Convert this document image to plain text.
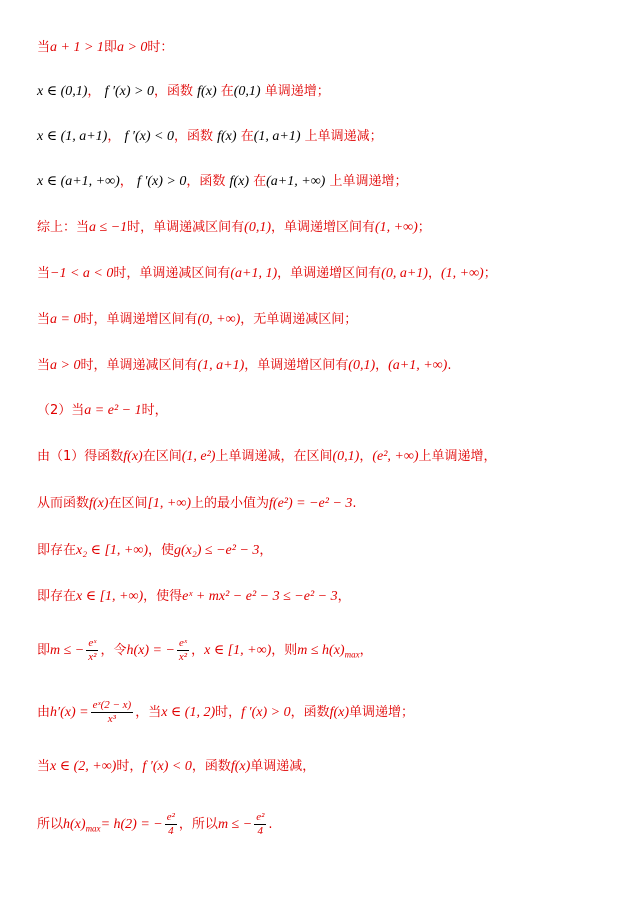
当a + 1 > 1即a > 0时：
x ∈ (0,1)， f ′(x) > 0，函数 f(x) 在(0,1) 单调递增；
x ∈ (1, a+1)， f ′(x) < 0，函数 f(x) 在(1, a+1) 上单调递减；
x ∈ (a+1, +∞)， f ′(x) > 0，函数 f(x) 在(a+1, +∞) 上单调递增；
综上：当a ≤ −1时，单调递减区间有(0,1)，单调递增区间有(1, +∞)；
当−1 < a < 0时，单调递减区间有(a+1, 1)，单调递增区间有(0, a+1)，(1, +∞)；
当a = 0时，单调递增区间有(0, +∞)，无单调递减区间；
当a > 0时，单调递减区间有(1, a+1)，单调递增区间有(0,1)，(a+1, +∞).
（2）当a = e² − 1时，
由（1）得函数f(x)在区间(1, e²)上单调递减，在区间(0,1)，(e², +∞)上单调递增，
从而函数f(x)在区间[1, +∞)上的最小值为f(e²) = −e² − 3.
即存在x₂ ∈ [1, +∞)，使g(x₂) ≤ −e² − 3，
即存在x ∈ [1, +∞)，使得eˣ + mx² − e² − 3 ≤ −e² − 3，
即m ≤ − $\frac{\text{eˣ}}{\text{x²}}$ ，令h(x) = − $\frac{\text{eˣ}}{\text{x²}}$ ，x ∈ [1, +∞)，则$m \le h(x)_{max}$，
由$h'(x) = \frac{\text{eˣ(2 − x)}}{\text{x³}}$ ，当x ∈ (1, 2)时，f ′(x) > 0，函数f(x)单调递增；
当x ∈ (2, +∞)时，f ′(x) < 0，函数f(x)单调递减，
所以$h(x)_{max}= h(2)$ = − $\frac{\text{e²}}{4}$ ，所以m ≤ − $\frac{\text{e²}}{4}$ .
